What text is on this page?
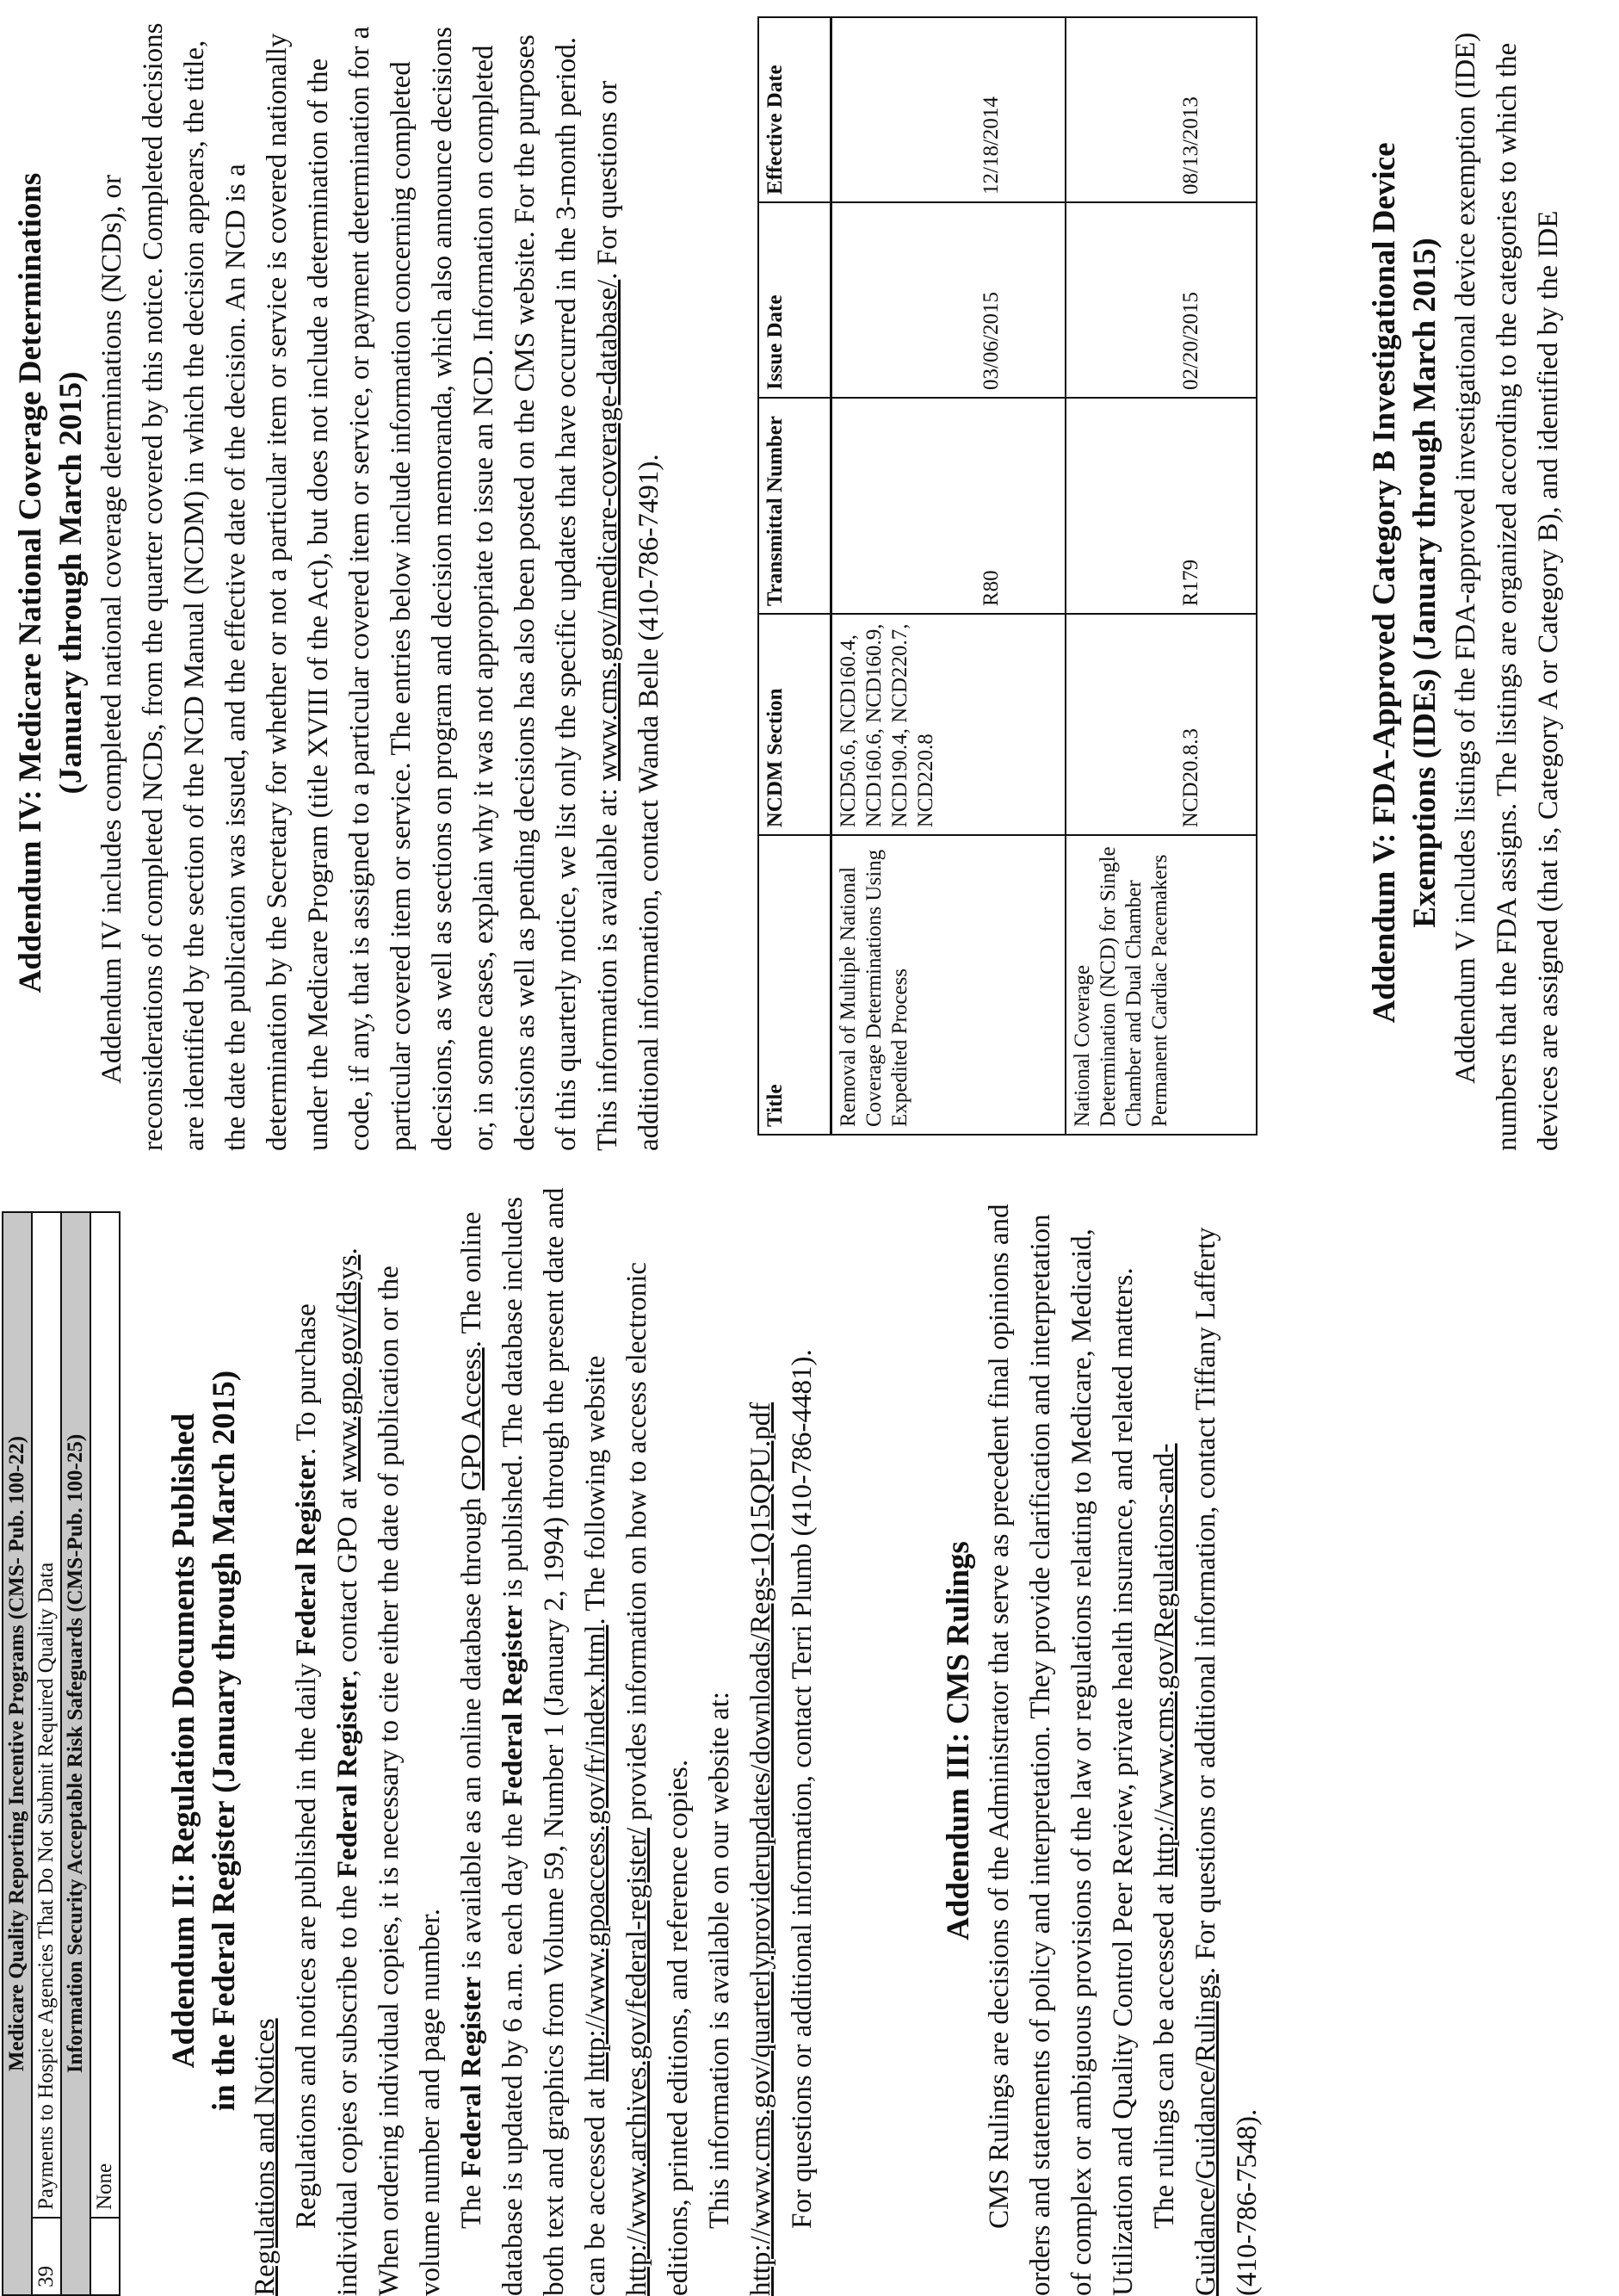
Medicare Quality Reporting Incentive Programs (CMS- Pub. 100-22)	
39	Payments to Hospice Agencies That Do Not Submit Required Quality Data
Information Security Acceptable Risk Safeguards (CMS-Pub. 100-25)	
	None
Addendum II: Regulation Documents Published in the Federal Register (January through March 2015)

Regulations and Notices Regulations and notices are published in the daily Federal Register. To purchase individual copies or subscribe to the Federal Register, contact GPO at www.gpo.gov/fdsys. When ordering individual copies, it is necessary to cite either the date of publication or the volume number and page number. The Federal Register is available as an online database through GPO Access. The online database is updated by 6 a.m. each day the Federal Register is published. The database includes both text and graphics from Volume 59, Number 1 (January 2, 1994) through the present date and can be accessed at http://www.gpoaccess.gov/fr/index.html. The following website http://www.archives.gov/federal-register/ provides information on how to access electronic editions, printed editions, and reference copies. This information is available on our website at: http://www.cms.gov/quarterlyproviderupdates/downloads/Regs-1Q15QPU.pdf For questions or additional information, contact Terri Plumb (410-786-4481).	Addendum III: CMS Rulings CMS Rulings are decisions of the Administrator that serve as precedent final opinions and orders and statements of policy and interpretation. They provide clarification and interpretation of complex or ambiguous provisions of the law or regulations relating to Medicare, Medicaid, Utilization and Quality Control Peer Review, private health insurance, and related matters. The rulings can be accessed at http://www.cms.gov/Regulations-and-Guidance/Guidance/Rulings. For questions or additional information, contact Tiffany Lafferty (410-786-7548).

Addendum IV: Medicare National Coverage Determinations (January through March 2015) Addendum IV includes completed national coverage determinations (NCDs), or reconsiderations of completed NCDs, from the quarter covered by this notice. Completed decisions are identified by the section of the NCD Manual (NCDM) in which the decision appears, the title, the date the publication was issued, and the effective date of the decision. An NCD is a determination by the Secretary for whether or not a particular item or service is covered nationally under the Medicare Program (title XVIII of the Act), but does not include a determination of the code, if any, that is assigned to a particular covered item or service, or payment determination for a particular covered item or service. The entries below include information concerning completed decisions, as well as sections on program and decision memoranda, which also announce decisions or, in some cases, explain why it was not appropriate to issue an NCD. Information on completed decisions as well as pending decisions has also been posted on the CMS website. For the purposes of this quarterly notice, we list only the specific updates that have occurred in the 3-month period. This information is available at: www.cms.gov/medicare-coverage-database/. For questions or additional information, contact Wanda Belle (410-786-7491).	Title	NCDM Section	Transmittal Number	Issue Date	Effective Date
Removal of Multiple National Coverage Determinations Using Expedited Process	NCD50.6, NCD160.4, NCD160.6, NCD160.9, NCD190.4, NCD220.7, NCD220.8	R80	03/06/2015	12/18/2014
National Coverage Determination (NCD) for Single Chamber and Dual Chamber Permanent Cardiac Pacemakers	NCD20.8.3	R179	02/20/2015	08/13/2013	Addendum V: FDA-Approved Category B Investigational Device Exemptions (IDEs) (January through March 2015) Addendum V includes listings of the FDA-approved investigational device exemption (IDE) numbers that the FDA assigns. The listings are organized according to the categories to which the devices are assigned (that is, Category A or Category B), and identified by the IDE
